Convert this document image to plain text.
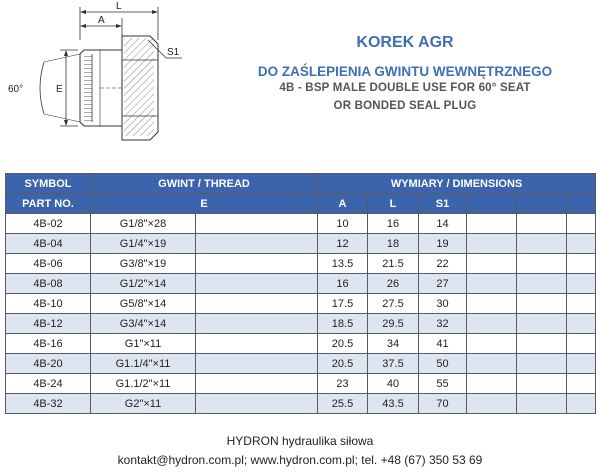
L
A
S1
E
60°
KOREK AGR
DO ZAŚLEPIENIA GWINTU WEWNĘTRZNEGO
4B - BSP MALE DOUBLE USE FOR 60° SEAT
OR BONDED SEAL PLUG
SYMBOL	GWINT / THREAD		WYMIARY / DIMENSIONS					
PART NO.	E		A	L	S1			
4B-02	G1/8"×28		10	16	14			
4B-04	G1/4"×19		12	18	19			
4B-06	G3/8"×19		13.5	21.5	22			
4B-08	G1/2"×14		16	26	27			
4B-10	G5/8"×14		17.5	27.5	30			
4B-12	G3/4"×14		18.5	29.5	32			
4B-16	G1"×11		20.5	34	41			
4B-20	G1.1/4"×11		20.5	37.5	50			
4B-24	G1.1/2"×11		23	40	55			
4B-32	G2"×11		25.5	43.5	70			
HYDRON hydraulika siłowa
kontakt@hydron.com.pl; www.hydron.com.pl; tel. +48 (67) 350 53 69
